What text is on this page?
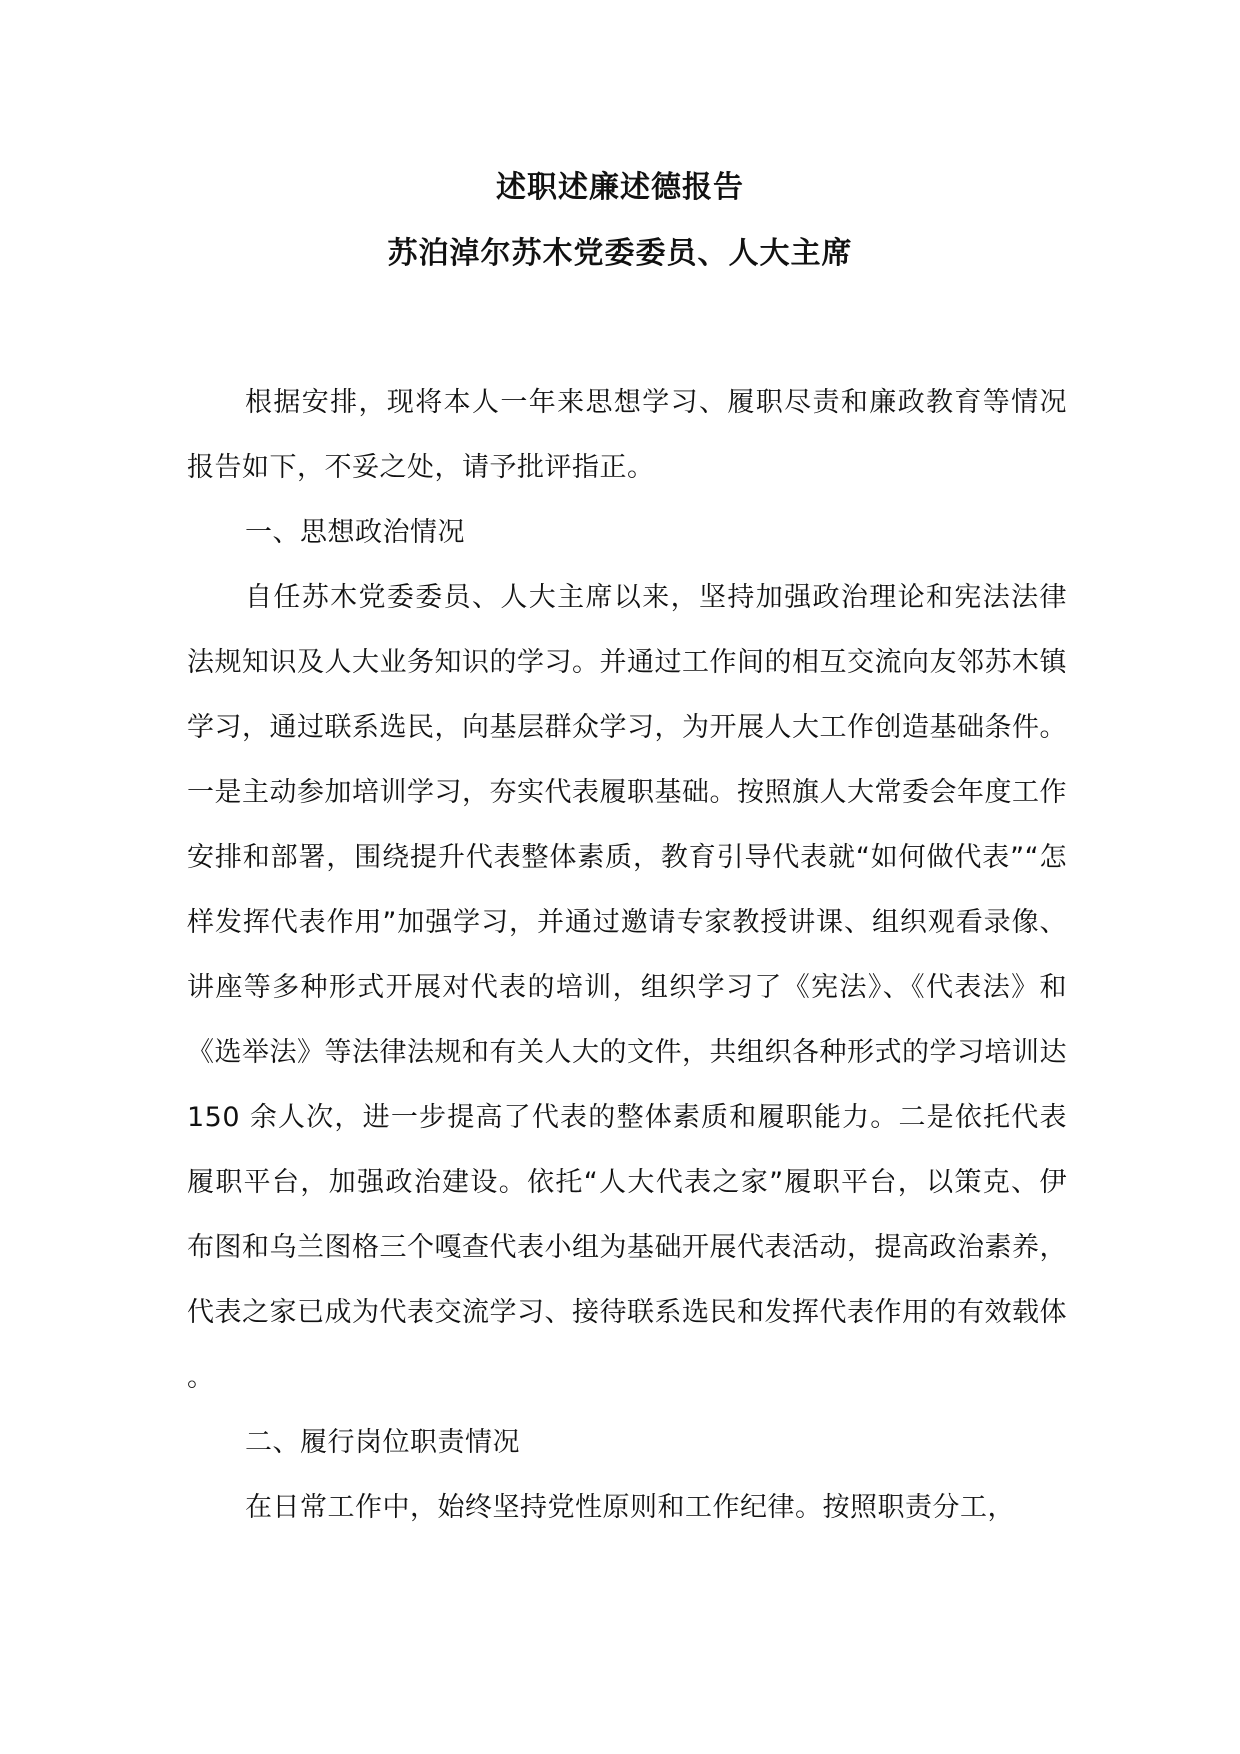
述职述廉述德报告
苏泊淖尔苏木党委委员、人大主席

根据安排，现将本人一年来思想学习、履职尽责和廉政教育等情况报告如下，不妥之处，请予批评指正。

一、思想政治情况

自任苏木党委委员、人大主席以来，坚持加强政治理论和宪法法律法规知识及人大业务知识的学习。并通过工作间的相互交流向友邻苏木镇学习，通过联系选民，向基层群众学习，为开展人大工作创造基础条件。一是主动参加培训学习，夯实代表履职基础。按照旗人大常委会年度工作安排和部署，围绕提升代表整体素质，教育引导代表就“如何做代表”“怎样发挥代表作用”加强学习，并通过邀请专家教授讲课、组织观看录像、讲座等多种形式开展对代表的培训，组织学习了《宪法》、《代表法》和《选举法》等法律法规和有关人大的文件，共组织各种形式的学习培训达 150 余人次，进一步提高了代表的整体素质和履职能力。二是依托代表履职平台，加强政治建设。依托“人大代表之家”履职平台，以策克、伊布图和乌兰图格三个嘎查代表小组为基础开展代表活动，提高政治素养，代表之家已成为代表交流学习、接待联系选民和发挥代表作用的有效载体。

二、履行岗位职责情况

在日常工作中，始终坚持党性原则和工作纪律。按照职责分工，
